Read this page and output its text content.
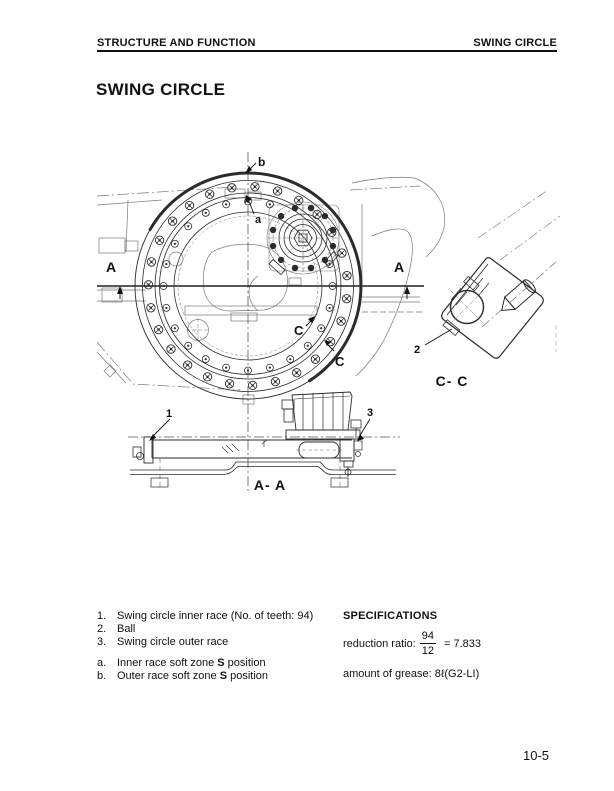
STRUCTURE AND FUNCTION	SWING CIRCLE
SWING CIRCLE
b
a
A	A
C
C
1	3
A- A
2
C- C
1. Swing circle inner race (No. of teeth: 94)
2. Ball
3. Swing circle outer race
a. Inner race soft zone S position
b. Outer race soft zone S position
SPECIFICATIONS
reduction ratio: $\frac{94}{12} = 7.833$
amount of grease: 8ℓ(G2-LI)
10-5
